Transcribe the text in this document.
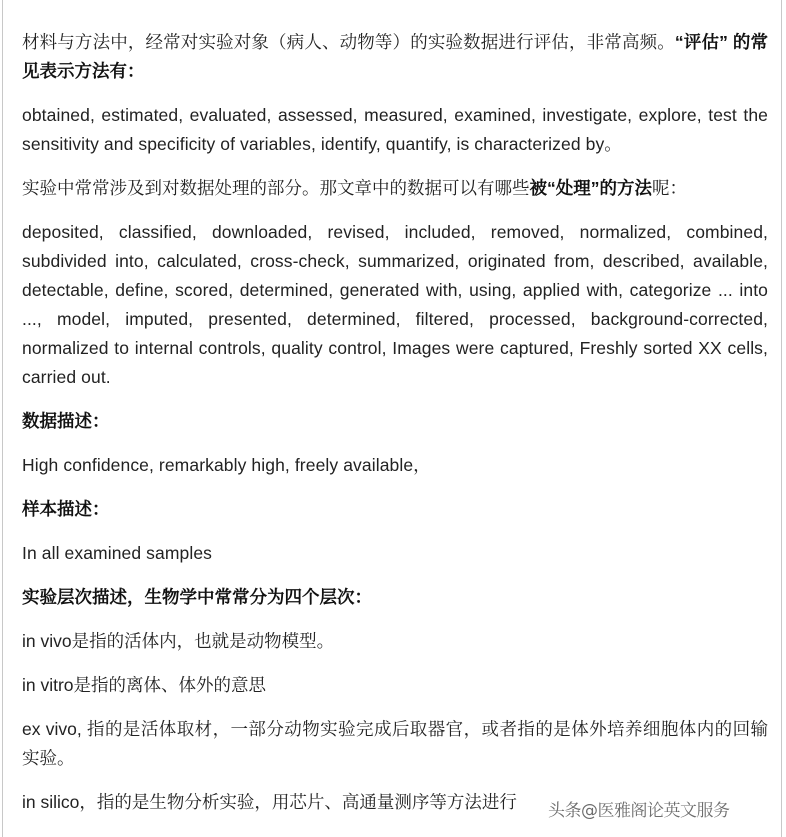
材料与方法中，经常对实验对象（病人、动物等）的实验数据进行评估，非常高频。“评估” 的常见表示方法有：

obtained, estimated, evaluated, assessed, measured, examined, investigate, explore, test the sensitivity and specificity of variables, identify, quantify, is characterized by。

实验中常常涉及到对数据处理的部分。那文章中的数据可以有哪些被“处理”的方法呢：

deposited, classified, downloaded, revised, included, removed, normalized, combined, subdivided into, calculated, cross-check, summarized, originated from, described, available, detectable, define, scored, determined, generated with, using, applied with, categorize ... into ..., model, imputed, presented, determined, filtered, processed, background-corrected, normalized to internal controls, quality control, Images were captured, Freshly sorted XX cells, carried out.

数据描述：

High confidence, remarkably high, freely available，

样本描述：

In all examined samples

实验层次描述，生物学中常常分为四个层次：

in vivo是指的活体内，也就是动物模型。

in vitro是指的离体、体外的意思

ex vivo, 指的是活体取材，一部分动物实验完成后取器官，或者指的是体外培养细胞体内的回输实验。

in silico，指的是生物分析实验，用芯片、高通量测序等方法进行	头条@医雅阁论英文服务
